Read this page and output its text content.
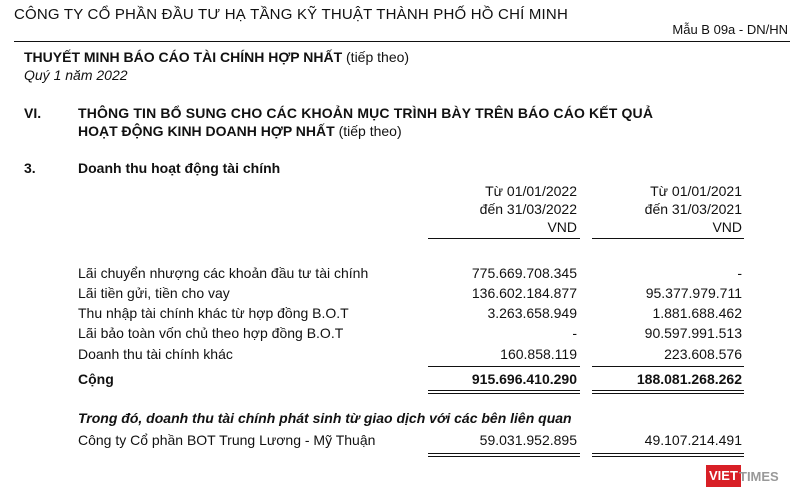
CÔNG TY CỔ PHẦN ĐẦU TƯ HẠ TẦNG KỸ THUẬT THÀNH PHỐ HỒ CHÍ MINH
Mẫu B 09a - DN/HN
THUYẾT MINH BÁO CÁO TÀI CHÍNH HỢP NHẤT (tiếp theo)
Quý 1 năm 2022
VI.	THÔNG TIN BỔ SUNG CHO CÁC KHOẢN MỤC TRÌNH BÀY TRÊN BÁO CÁO KẾT QUẢ
HOẠT ĐỘNG KINH DOANH HỢP NHẤT (tiếp theo)
3.	Doanh thu hoạt động tài chính
Từ 01/01/2022
đến 31/03/2022
VND
Từ 01/01/2021
đến 31/03/2021
VND
Lãi chuyển nhượng các khoản đầu tư tài chính	775.669.708.345	-
Lãi tiền gửi, tiền cho vay	136.602.184.877	95.377.979.711
Thu nhập tài chính khác từ hợp đồng B.O.T	3.263.658.949	1.881.688.462
Lãi bảo toàn vốn chủ theo hợp đồng B.O.T	-	90.597.991.513
Doanh thu tài chính khác	160.858.119	223.608.576
Cộng	915.696.410.290	188.081.268.262
Trong đó, doanh thu tài chính phát sinh từ giao dịch với các bên liên quan
Công ty Cổ phần BOT Trung Lương - Mỹ Thuận	59.031.952.895	49.107.214.491
VIET TIMES
